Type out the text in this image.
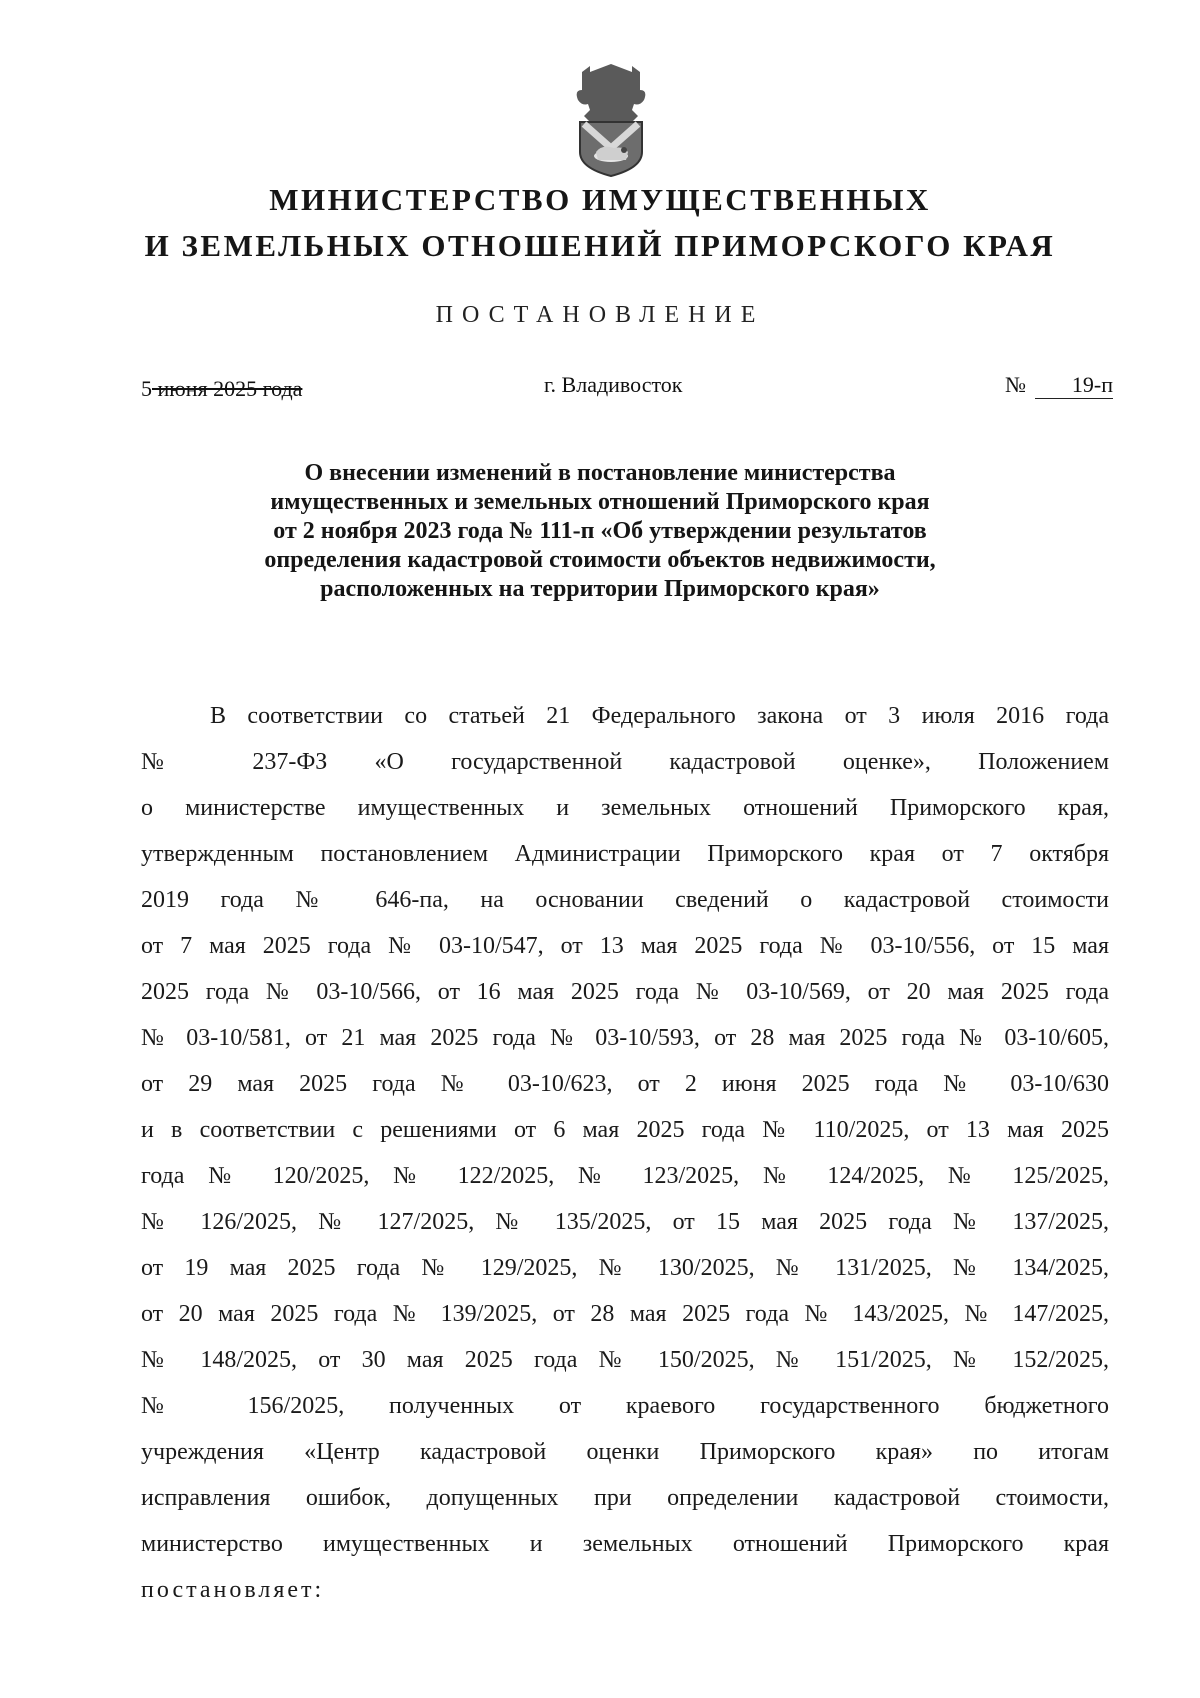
МИНИСТЕРСТВО ИМУЩЕСТВЕННЫХ
И ЗЕМЕЛЬНЫХ ОТНОШЕНИЙ ПРИМОРСКОГО КРАЯ
ПОСТАНОВЛЕНИЕ
5 июня 2025 года	г. Владивосток	№	19-п
О внесении изменений в постановление министерства
имущественных и земельных отношений Приморского края
от 2 ноября 2023 года № 111-п «Об утверждении результатов
определения кадастровой стоимости объектов недвижимости,
расположенных на территории Приморского края»
В соответствии со статьей 21 Федерального закона от 3 июля 2016 года
№ 237-ФЗ «О государственной кадастровой оценке», Положением
о министерстве имущественных и земельных отношений Приморского края,
утвержденным постановлением Администрации Приморского края от 7 октября
2019 года № 646-па, на основании сведений о кадастровой стоимости
от 7 мая 2025 года № 03-10/547, от 13 мая 2025 года № 03-10/556, от 15 мая
2025 года № 03-10/566, от 16 мая 2025 года № 03-10/569, от 20 мая 2025 года
№ 03-10/581, от 21 мая 2025 года № 03-10/593, от 28 мая 2025 года № 03-10/605,
от 29 мая 2025 года № 03-10/623, от 2 июня 2025 года № 03-10/630
и в соответствии с решениями от 6 мая 2025 года № 110/2025, от 13 мая 2025
года № 120/2025, № 122/2025, № 123/2025, № 124/2025, № 125/2025,
№ 126/2025, № 127/2025, № 135/2025, от 15 мая 2025 года № 137/2025,
от 19 мая 2025 года № 129/2025, № 130/2025, № 131/2025, № 134/2025,
от 20 мая 2025 года № 139/2025, от 28 мая 2025 года № 143/2025, № 147/2025,
№ 148/2025, от 30 мая 2025 года № 150/2025, № 151/2025, № 152/2025,
№ 156/2025, полученных от краевого государственного бюджетного
учреждения «Центр кадастровой оценки Приморского края» по итогам
исправления ошибок, допущенных при определении кадастровой стоимости,
министерство имущественных и земельных отношений Приморского края
постановляет:
